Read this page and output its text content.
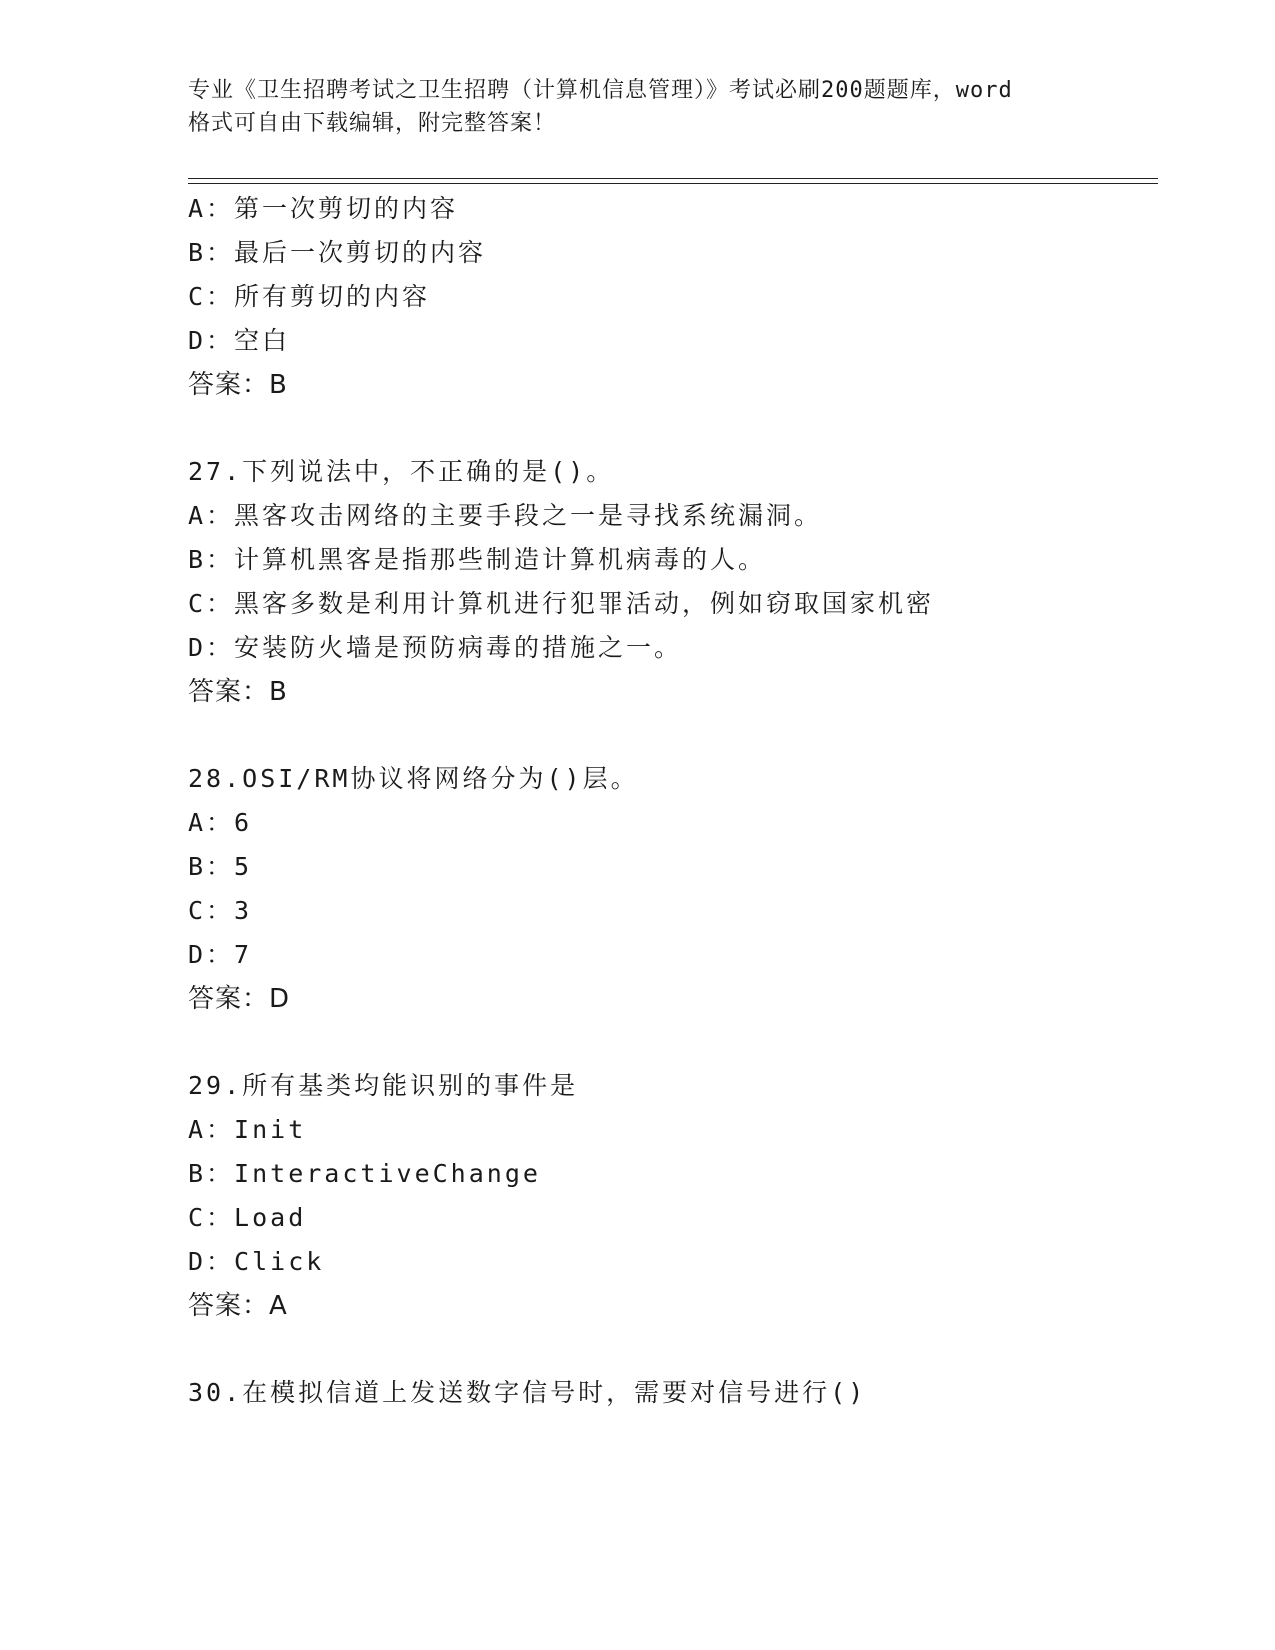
专业《卫生招聘考试之卫生招聘（计算机信息管理）》考试必刷200题题库，word
格式可自由下载编辑，附完整答案！
A：第一次剪切的内容
B：最后一次剪切的内容
C：所有剪切的内容
D：空白
答案：B
27.下列说法中，不正确的是()。
A：黑客攻击网络的主要手段之一是寻找系统漏洞。
B：计算机黑客是指那些制造计算机病毒的人。
C：黑客多数是利用计算机进行犯罪活动，例如窃取国家机密
D：安装防火墙是预防病毒的措施之一。
答案：B
28.OSI/RM协议将网络分为()层。
A：6
B：5
C：3
D：7
答案：D
29.所有基类均能识别的事件是
A：Init
B：InteractiveChange
C：Load
D：Click
答案：A
30.在模拟信道上发送数字信号时，需要对信号进行()
